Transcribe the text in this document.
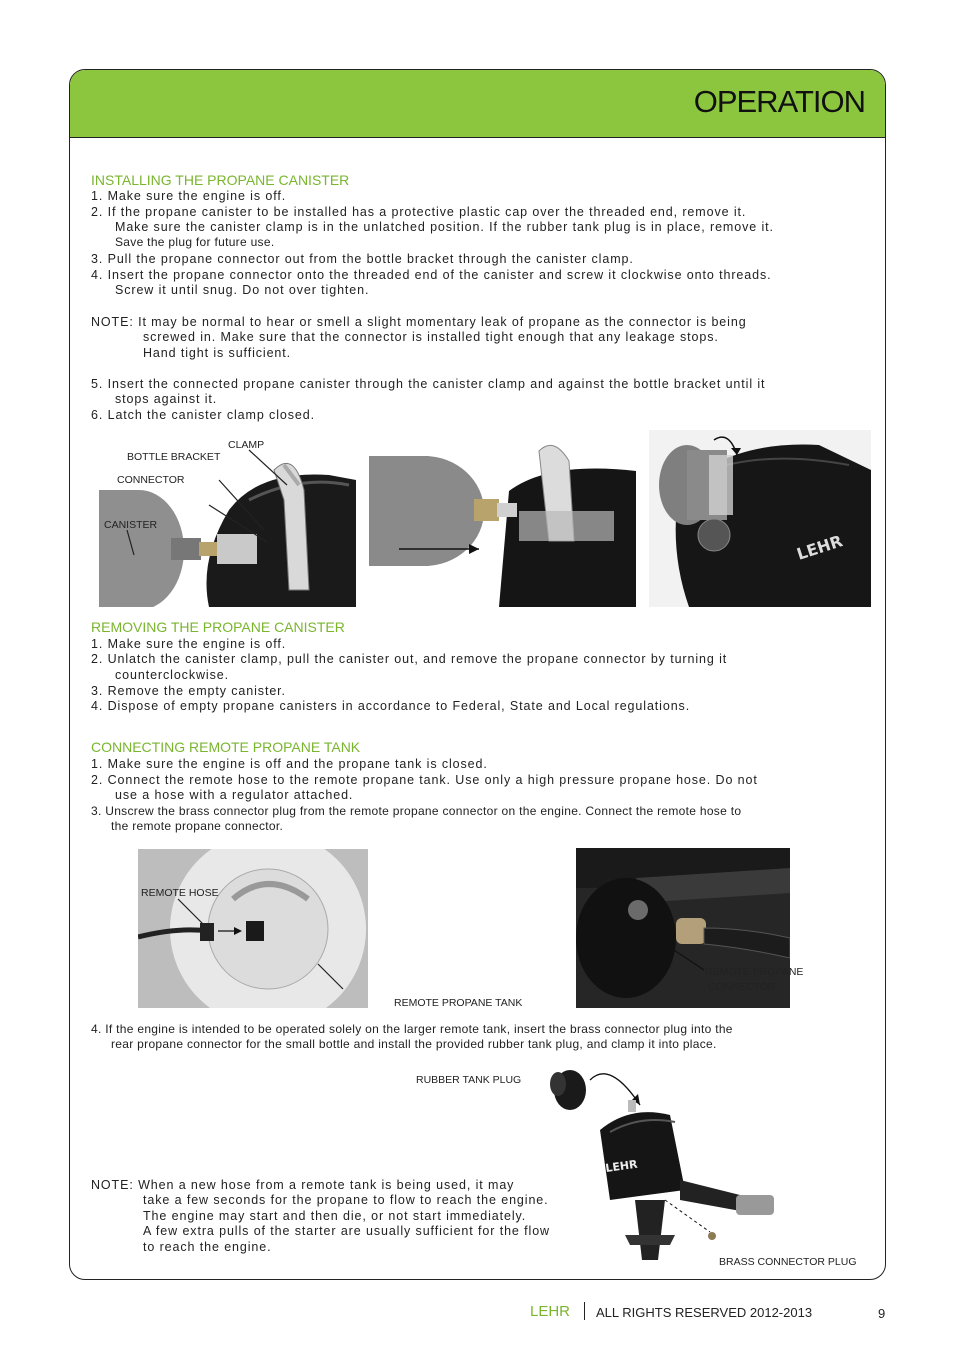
OPERATION
INSTALLING THE PROPANE CANISTER
1. Make sure the engine is off.
2. If the propane canister to be installed has a protective plastic cap over the threaded end, remove it.
Make sure the canister clamp is in the unlatched position. If the rubber tank plug is in place, remove it.
Save the plug for future use.
3. Pull the propane connector out from the bottle bracket through the canister clamp.
4. Insert the propane connector onto the threaded end of the canister and screw it clockwise onto threads.
Screw it until snug. Do not over tighten.
NOTE: It may be normal to hear or smell a slight momentary leak of propane as the connector is being
screwed in. Make sure that the connector is installed tight enough that any leakage stops.
Hand tight is sufficient.
5. Insert the connected propane canister through the canister clamp and against the bottle bracket until it
stops against it.
6. Latch the canister clamp closed.
CLAMP
BOTTLE BRACKET
CONNECTOR
CANISTER
LEHR
REMOVING THE PROPANE CANISTER
1. Make sure the engine is off.
2. Unlatch the canister clamp, pull the canister out, and remove the propane connector by turning it
counterclockwise.
3. Remove the empty canister.
4. Dispose of empty propane canisters in accordance to Federal, State and Local regulations.
CONNECTING REMOTE PROPANE TANK
1. Make sure the engine is off and the propane tank is closed.
2. Connect the remote hose to the remote propane tank. Use only a high pressure propane hose. Do not
use a hose with a regulator attached.
3. Unscrew the brass connector plug from the remote propane connector on the engine. Connect the remote hose to
the remote propane connector.
REMOTE HOSE
REMOTE PROPANE TANK
REMOTE PROPANE
CONNECTOR
4. If the engine is intended to be operated solely on the larger remote tank, insert the brass connector plug into the
rear propane connector for the small bottle and install the provided rubber tank plug, and clamp it into place.
LEHR
RUBBER TANK PLUG
BRASS CONNECTOR PLUG
NOTE: When a new hose from a remote tank is being used, it may
take a few seconds for the propane to flow to reach the engine.
The engine may start and then die, or not start immediately.
A few extra pulls of the starter are usually sufficient for the flow
to reach the engine.
LEHR ALL RIGHTS RESERVED 2012-2013	9
